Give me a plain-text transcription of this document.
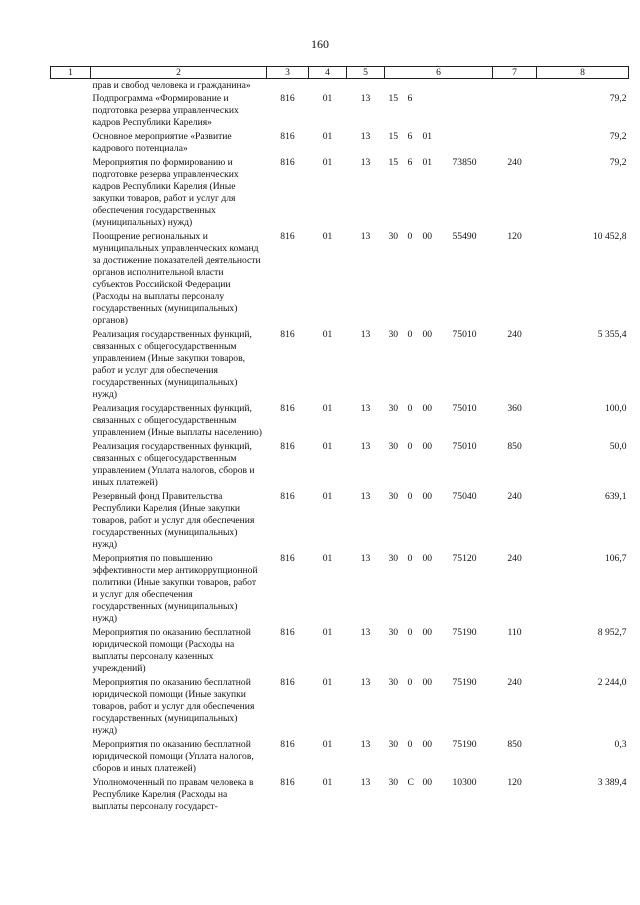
160
1	2	3	4	5	6				7	8
	прав и свобод человека и гражданина»									
	Подпрограмма «Формирование и подготовка резерва управленческих кадров Республики Карелия»	816	01	13	15	6				79,2
	Основное мероприятие «Развитие кадрового потенциала»	816	01	13	15	6	01			79,2
	Мероприятия по формированию и подготовке резерва управленческих кадров Республики Карелия (Иные закупки товаров, работ и услуг для обеспечения государственных (муниципальных) нужд)	816	01	13	15	6	01	73850	240	79,2
	Поощрение региональных и муниципальных управленческих команд за достижение показателей деятельности органов исполнительной власти субъектов Российской Федерации (Расходы на выплаты персоналу государственных (муниципальных) органов)	816	01	13	30	0	00	55490	120	10 452,8
	Реализация государственных функций, связанных с общегосударственным управлением (Иные закупки товаров, работ и услуг для обеспечения государственных (муниципальных) нужд)	816	01	13	30	0	00	75010	240	5 355,4
	Реализация государственных функций, связанных с общегосударственным управлением (Иные выплаты населению)	816	01	13	30	0	00	75010	360	100,0
	Реализация государственных функций, связанных с общегосударственным управлением (Уплата налогов, сборов и иных платежей)	816	01	13	30	0	00	75010	850	50,0
	Резервный фонд Правительства Республики Карелия (Иные закупки товаров, работ и услуг для обеспечения государственных (муниципальных) нужд)	816	01	13	30	0	00	75040	240	639,1
	Мероприятия по повышению эффективности мер антикоррупционной политики (Иные закупки товаров, работ и услуг для обеспечения государственных (муниципальных) нужд)	816	01	13	30	0	00	75120	240	106,7
	Мероприятия по оказанию бесплатной юридической помощи (Расходы на выплаты персоналу казенных учреждений)	816	01	13	30	0	00	75190	110	8 952,7
	Мероприятия по оказанию бесплатной юридической помощи (Иные закупки товаров, работ и услуг для обеспечения государственных (муниципальных) нужд)	816	01	13	30	0	00	75190	240	2 244,0
	Мероприятия по оказанию бесплатной юридической помощи (Уплата налогов, сборов и иных платежей)	816	01	13	30	0	00	75190	850	0,3
	Уполномоченный по правам человека в Республике Карелия (Расходы на выплаты персоналу государст-	816	01	13	30	С	00	10300	120	3 389,4
